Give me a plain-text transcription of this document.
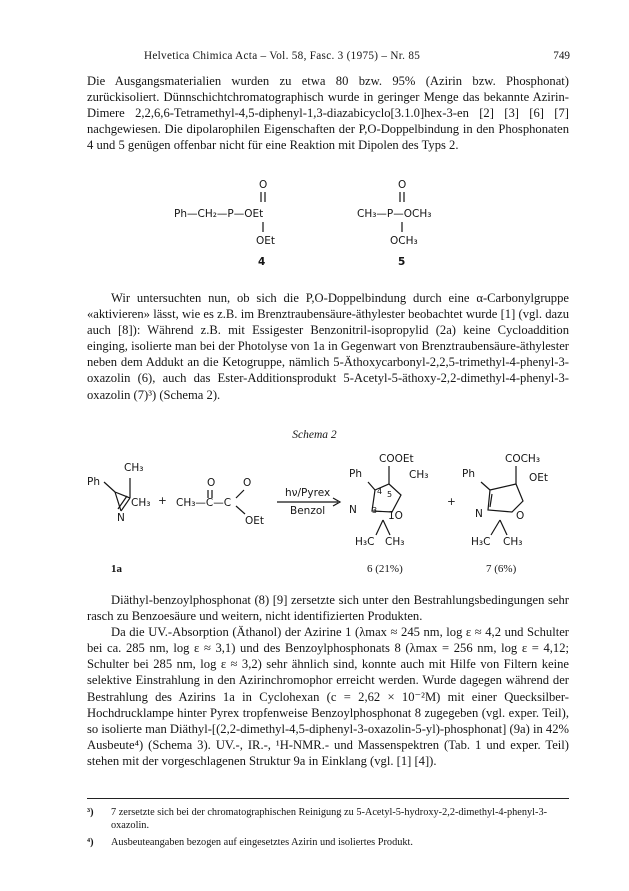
Helvetica Chimica Acta – Vol. 58, Fasc. 3 (1975) – Nr. 85	749

Die Ausgangsmaterialien wurden zu etwa 80 bzw. 95% (Azirin bzw. Phosphonat) zurückisoliert. Dünnschichtchromatographisch wurde in geringer Menge das bekannte Azirin-Dimere 2,2,6,6-Tetramethyl-4,5-diphenyl-1,3-diazabicyclo[3.1.0]hex-3-en [2] [3] [6] [7] nachgewiesen. Die dipolarophilen Eigenschaften der P,O-Doppelbindung in den Phosphonaten 4 und 5 genügen offenbar nicht für eine Reaktion mit Dipolen des Typs 2.

O
Ph—CH₂—P—OEt
OEt
4
O
CH₃—P—OCH₃
OCH₃
5
Ph
CH₃
CH₃
N
+ CH₃—C—C
O	O
OEt
hν/Pyrex
Benzol
COOEt
Ph	CH₃
4 5
N 3 1O
H₃C CH₃
+
COCH₃
Ph	OEt
N	O
H₃C CH₃
1a	6 (21%)	7 (6%)

Wir untersuchten nun, ob sich die P,O-Doppelbindung durch eine α-Carbonylgruppe «aktivieren» lässt, wie es z.B. im Brenztraubensäure-äthylester beobachtet wurde [1] (vgl. dazu auch [8]): Während z.B. mit Essigester Benzonitril-isopropylid (2a) keine Cycloaddition einging, isolierte man bei der Photolyse von 1a in Gegenwart von Brenztraubensäure-äthylester neben dem Addukt an die Ketogruppe, nämlich 5-Äthoxycarbonyl-2,2,5-trimethyl-4-phenyl-3-oxazolin (6), auch das Ester-Additionsprodukt 5-Acetyl-5-äthoxy-2,2-dimethyl-4-phenyl-3-oxazolin (7)³) (Schema 2).

Schema 2

Diäthyl-benzoylphosphonat (8) [9] zersetzte sich unter den Bestrahlungsbedingungen sehr rasch zu Benzoesäure und weitern, nicht identifizierten Produkten.

Da die UV.-Absorption (Äthanol) der Azirine 1 (λmax ≈ 245 nm, log ε ≈ 4,2 und Schulter bei ca. 285 nm, log ε ≈ 3,1) und des Benzoylphosphonats 8 (λmax = 256 nm, log ε = 4,12; Schulter bei 285 nm, log ε ≈ 3,2) sehr ähnlich sind, konnte auch mit Hilfe von Filtern keine selektive Einstrahlung in den Azirinchromophor erreicht werden. Wurde dagegen während der Bestrahlung des Azirins 1a in Cyclohexan (c = 2,62 × 10⁻²M) mit einer Quecksilber-Hochdrucklampe hinter Pyrex tropfenweise Benzoylphosphonat 8 zugegeben (vgl. exper. Teil), so isolierte man Diäthyl-[(2,2-dimethyl-4,5-diphenyl-3-oxazolin-5-yl)-phosphonat] (9a) in 42% Ausbeute⁴) (Schema 3). UV.-, IR.-, ¹H-NMR.- und Massenspektren (Tab. 1 und exper. Teil) stehen mit der vorgeschlagenen Struktur 9a in Einklang (vgl. [1] [4]).

³) 7 zersetzte sich bei der chromatographischen Reinigung zu 5-Acetyl-5-hydroxy-2,2-dimethyl-4-phenyl-3-oxazolin.
⁴) Ausbeuteangaben bezogen auf eingesetztes Azirin und isoliertes Produkt.
